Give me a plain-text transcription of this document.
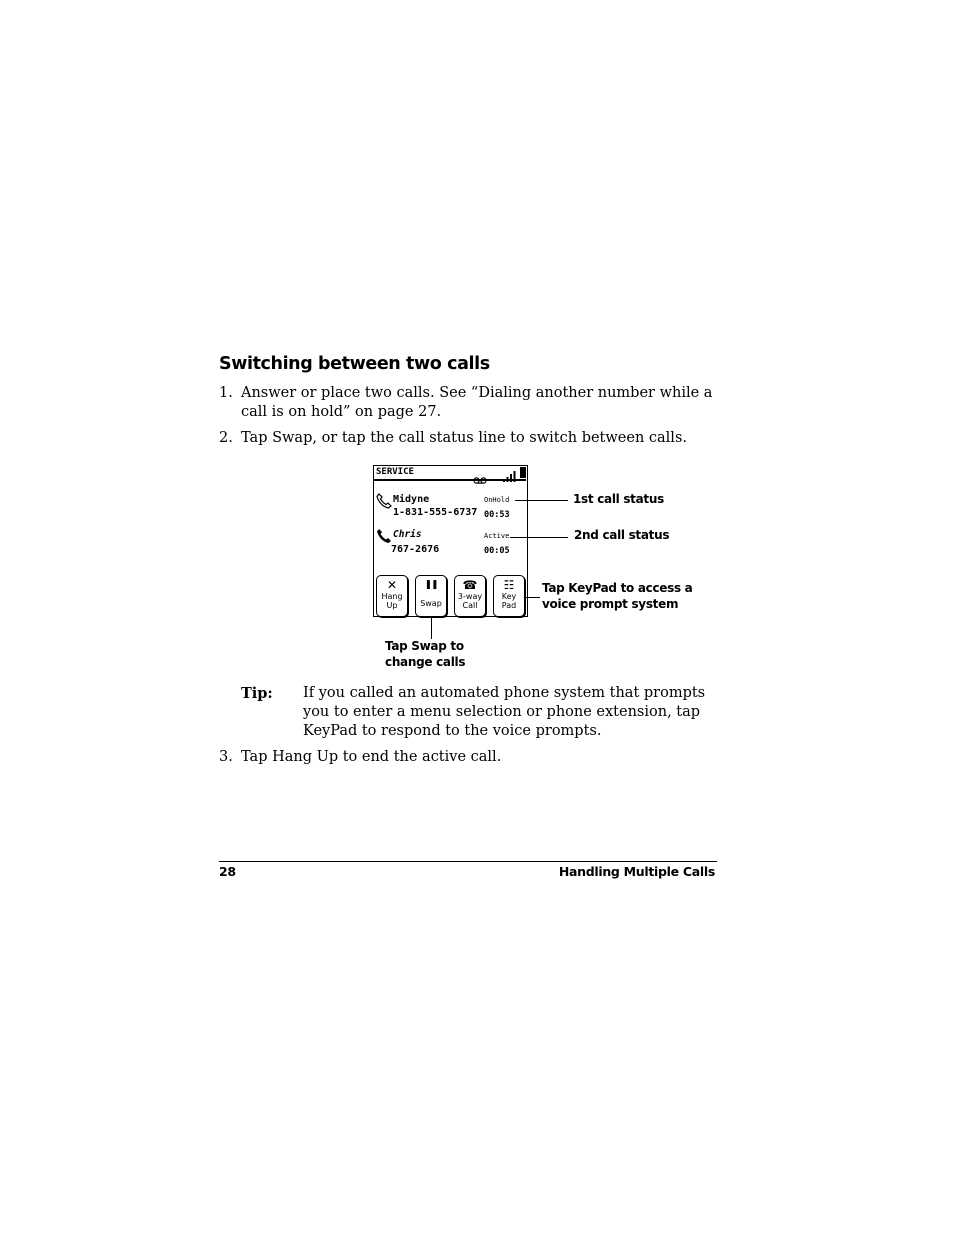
Switching between two calls
1. Answer or place two calls. See “Dialing another number while a call is on hold” on page 27.
2. Tap Swap, or tap the call status line to switch between calls.
SERVICE
Midyne
1-831-555-6737
OnHold
00:53
Chris
767-2676
Active
00:05
✕
Hang
Up
❚❚
Swap
☎
3-way
Call
☷
Key
Pad
1st call status
2nd call status
Tap KeyPad to access a
voice prompt system
Tap Swap to
change calls
Tip: If you called an automated phone system that prompts you to enter a menu selection or phone extension, tap KeyPad to respond to the voice prompts.
3. Tap Hang Up to end the active call.
28	Handling Multiple Calls
